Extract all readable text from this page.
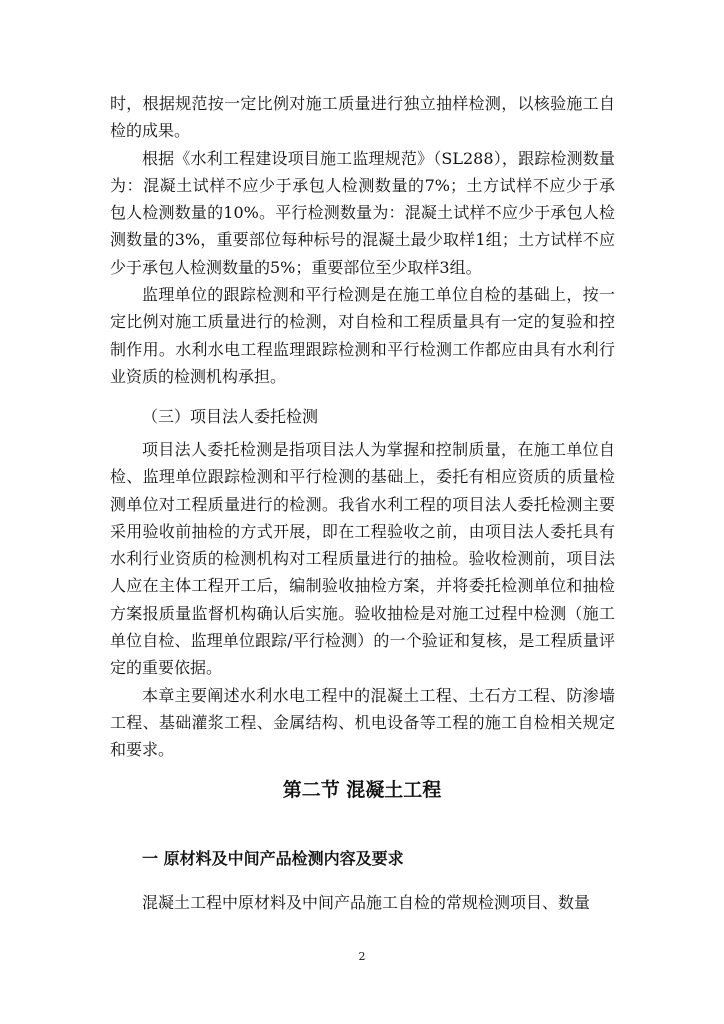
时，根据规范按一定比例对施工质量进行独立抽样检测，以核验施工自检的成果。

根据《水利工程建设项目施工监理规范》（SL288），跟踪检测数量为：混凝土试样不应少于承包人检测数量的7%；土方试样不应少于承包人检测数量的10%。平行检测数量为：混凝土试样不应少于承包人检测数量的3%，重要部位每种标号的混凝土最少取样1组；土方试样不应少于承包人检测数量的5%；重要部位至少取样3组。

监理单位的跟踪检测和平行检测是在施工单位自检的基础上，按一定比例对施工质量进行的检测，对自检和工程质量具有一定的复验和控制作用。水利水电工程监理跟踪检测和平行检测工作都应由具有水利行业资质的检测机构承担。

（三）项目法人委托检测

项目法人委托检测是指项目法人为掌握和控制质量，在施工单位自检、监理单位跟踪检测和平行检测的基础上，委托有相应资质的质量检测单位对工程质量进行的检测。我省水利工程的项目法人委托检测主要采用验收前抽检的方式开展，即在工程验收之前，由项目法人委托具有水利行业资质的检测机构对工程质量进行的抽检。验收检测前，项目法人应在主体工程开工后，编制验收抽检方案，并将委托检测单位和抽检方案报质量监督机构确认后实施。验收抽检是对施工过程中检测（施工单位自检、监理单位跟踪/平行检测）的一个验证和复核，是工程质量评定的重要依据。

本章主要阐述水利水电工程中的混凝土工程、土石方工程、防渗墙工程、基础灌浆工程、金属结构、机电设备等工程的施工自检相关规定和要求。

第二节 混凝土工程
一 原材料及中间产品检测内容及要求

混凝土工程中原材料及中间产品施工自检的常规检测项目、数量

2
